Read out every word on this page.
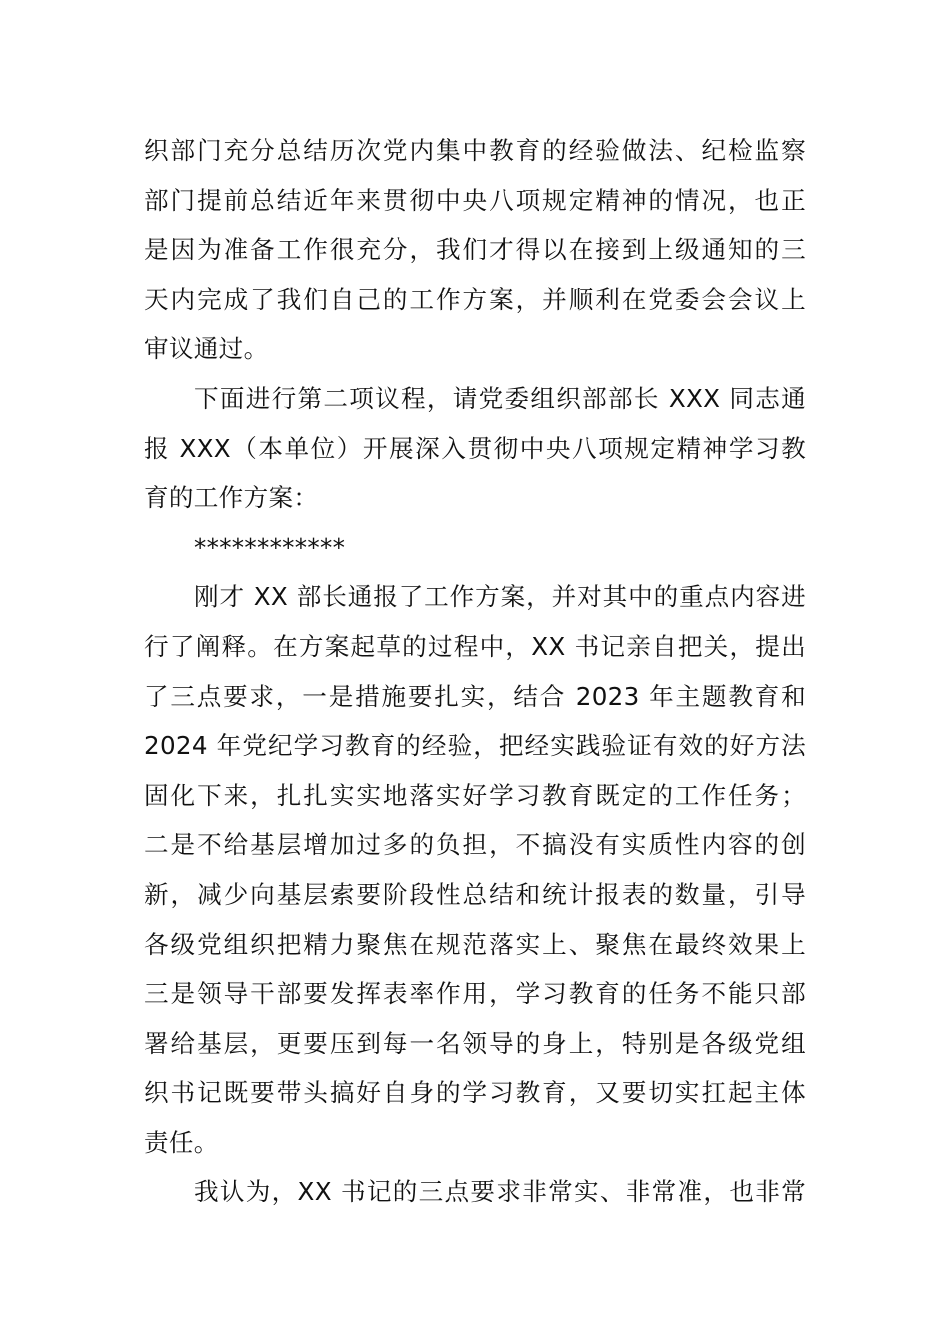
织部门充分总结历次党内集中教育的经验做法、纪检监察
部门提前总结近年来贯彻中央八项规定精神的情况，也正
是因为准备工作很充分，我们才得以在接到上级通知的三
天内完成了我们自己的工作方案，并顺利在党委会会议上
审议通过。
下面进行第二项议程，请党委组织部部长 XXX 同志通
报 XXX（本单位）开展深入贯彻中央八项规定精神学习教
育的工作方案：
************
刚才 XX 部长通报了工作方案，并对其中的重点内容进
行了阐释。在方案起草的过程中，XX 书记亲自把关，提出
了三点要求，一是措施要扎实，结合 2023 年主题教育和
2024 年党纪学习教育的经验，把经实践验证有效的好方法
固化下来，扎扎实实地落实好学习教育既定的工作任务；
二是不给基层增加过多的负担，不搞没有实质性内容的创
新，减少向基层索要阶段性总结和统计报表的数量，引导
各级党组织把精力聚焦在规范落实上、聚焦在最终效果上
三是领导干部要发挥表率作用，学习教育的任务不能只部
署给基层，更要压到每一名领导的身上，特别是各级党组
织书记既要带头搞好自身的学习教育，又要切实扛起主体
责任。
我认为，XX 书记的三点要求非常实、非常准，也非常
